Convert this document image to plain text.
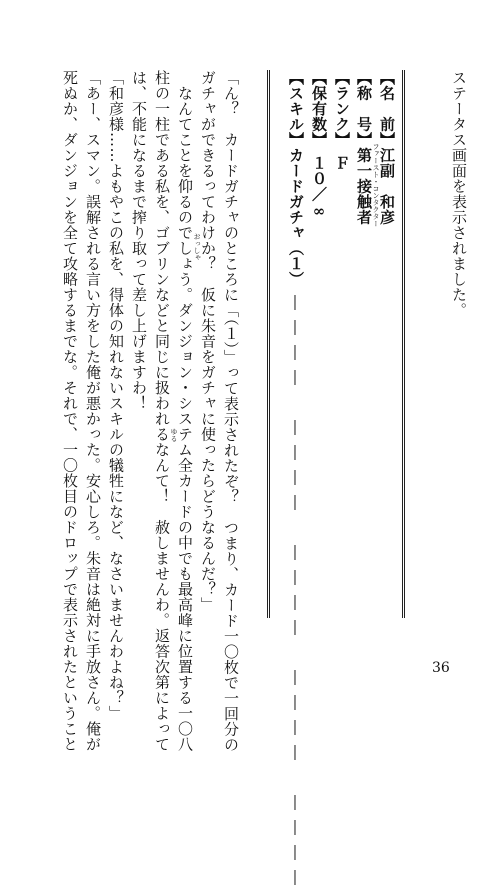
ステータス画面を表示されました。
【名　前】江副　和彦
【称　号】第一接触者 ファースト・コンタクター
【ランク】　Ｆ
【保有数】　１０／∞
【スキル】カードガチャ（１）　――――　――――　――――　――――　――――
「ん？　カードガチャのところに「（１）」って表示されたぞ？　つまり、カード一〇枚で一回分の
ガチャができるってわけか？　仮に朱音をガチャに使ったらどうなるんだ？」
　なんてことを仰るのでしょう。ダンジョン・システム全カードの中でも最高峰に位置する一〇八 おっしゃ
柱の一柱である私を、ゴブリンなどと同じに扱われるなんて！　赦しませんわ。返答次第によって ゆる
は、不能になるまで搾り取って差し上げますわ！
「和彦様……よもやこの私を、得体の知れないスキルの犠牲になど、なさいませんわよね？」
「あー、スマン。誤解される言い方をした俺が悪かった。安心しろ。朱音は絶対に手放さん。俺が
死ぬか、ダンジョンを全て攻略するまでな。それで、一〇枚目のドロップで表示されたということ	36
